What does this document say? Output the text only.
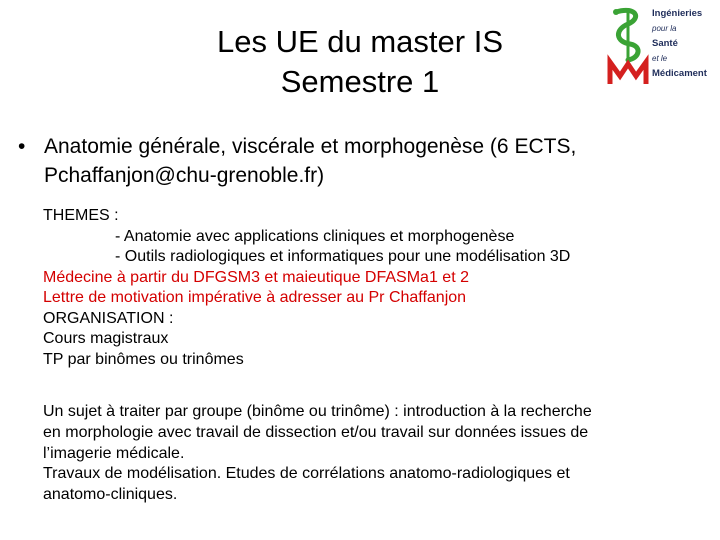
Les UE du master IS
Semestre 1
Ingénieries
pour la
Santé
et le
Médicament
• Anatomie générale, viscérale et morphogenèse (6 ECTS,
Pchaffanjon@chu-grenoble.fr)
THEMES :
- Anatomie avec applications cliniques et morphogenèse
- Outils radiologiques et informatiques pour une modélisation 3D
Médecine à partir du DFGSM3 et maieutique DFASMa1 et 2
Lettre de motivation impérative à adresser au Pr Chaffanjon
ORGANISATION :
Cours magistraux
TP par binômes ou trinômes
Un sujet à traiter par groupe (binôme ou trinôme) : introduction à la recherche
en morphologie avec travail de dissection et/ou travail sur données issues de
l’imagerie médicale.
Travaux de modélisation. Etudes de corrélations anatomo-radiologiques et
anatomo-cliniques.
